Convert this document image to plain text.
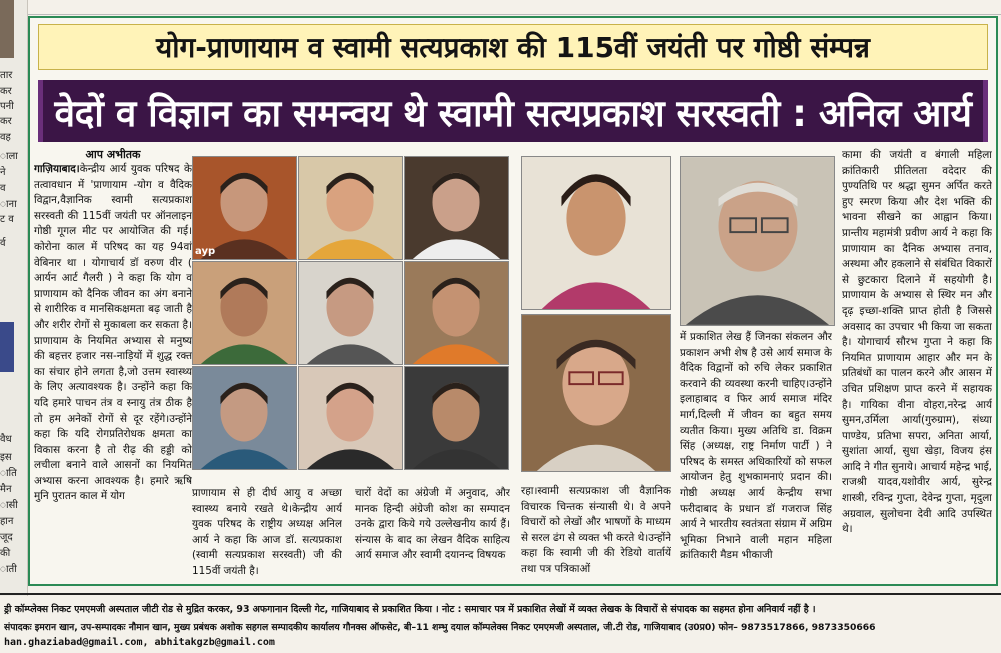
तार
कर
पनी
कर
वह
ाला
ने
व
ाना
ट व
र्व
वैध
इस
ाति
मैन
ासी
हान
जूद
की
ाती
योग-प्राणायाम व स्वामी सत्यप्रकाश की 115वीं जयंती पर गोष्ठी संम्पन्न
वेदों व विज्ञान का समन्वय थे स्वामी सत्यप्रकाश सरस्वती : अनिल आर्य
आप अभीतक

गाज़ियाबाद।केन्द्रीय आर्य युवक परिषद के तत्वावधान में 'प्राणायाम -योग व वैदिक विद्वान,वैज्ञानिक स्वामी सत्यप्रकाश सरस्वती की 115वीं जयंती पर ऑनलाइन गोष्ठी गूगल मीट पर आयोजित की गई।कोरोना काल में परिषद का यह 94वां वेबिनार था । योगाचार्य डॉ वरुण वीर ( आर्यन आर्ट गैलरी ) ने कहा कि योग व प्राणायाम को दैनिक जीवन का अंग बनाने से शारीरिक व मानसिकक्षमता बढ़ जाती है और शरीर रोगों से मुकाबला कर सकता है। प्राणायाम के नियमित अभ्यास से मनुष्य की बहत्तर हजार नस-नाड़ियों में शुद्ध रक्त का संचार होने लगता है,जो उत्तम स्वास्थ्य के लिए अत्यावश्यक है। उन्होंने कहा कि यदि हमारे पाचन तंत्र व स्नायु तंत्र ठीक है तो हम अनेकों रोगों से दूर रहेंगे।उन्होंने कहा कि यदि रोगप्रतिरोधक क्षमता का विकास करना है तो रीढ़ की हड्डी को लचीला बनाने वाले आसनों का नियमित अभ्यास करना आवश्यक है। हमारे ऋषि मुनि पुरातन काल में योग

ayp

प्राणायाम से ही दीर्घ आयु व अच्छा स्वास्थ्य बनाये रखते थे।केन्द्रीय आर्य युवक परिषद के राष्ट्रीय अध्यक्ष अनिल आर्य ने कहा कि आज डॉ. सत्यप्रकाश (स्वामी सत्यप्रकाश सरस्वती) जी की 115वीं जयंती है।

चारों वेदों का अंग्रेजी में अनुवाद, और मानक हिन्दी अंग्रेजी कोश का सम्पादन उनके द्वारा किये गये उल्लेखनीय कार्य हैं।संन्यास के बाद का लेखन वैदिक साहित्य आर्य समाज और स्वामी दयानन्द विषयक

रहा।स्वामी सत्यप्रकाश जी वैज्ञानिक विचारक चिन्तक संन्यासी थे। वे अपने विचारों को लेखों और भाषणों के माध्यम से सरल ढंग से व्यक्त भी करते थे।उन्होंने कहा कि स्वामी जी की रेडियो वार्तायें तथा पत्र पत्रिकाओं

में प्रकाशित लेख हैं जिनका संकलन और प्रकाशन अभी शेष है उसे आर्य समाज के वैदिक विद्वानों को रुचि लेकर प्रकाशित करवाने की व्यवस्था करनी चाहिए।उन्होंने इलाहाबाद व फिर आर्य समाज मंदिर मार्ग,दिल्ली में जीवन का बहुत समय व्यतीत किया। मुख्य अतिथि डा. विक्रम सिंह (अध्यक्ष, राष्ट्र निर्माण पार्टी ) ने परिषद के समस्त अधिकारियों को सफल आयोजन हेतु शुभकामनाएं प्रदान की। गोष्ठी अध्यक्ष आर्य केन्द्रीय सभा फरीदाबाद के प्रधान डॉ गजराज सिंह आर्य ने भारतीय स्वतंत्रता संग्राम में अग्रिम भूमिका निभाने वाली महान महिला क्रांतिकारी मैडम भीकाजी

कामा की जयंती व बंगाली महिला क्रांतिकारी प्रीतिलता वदेदार की पुण्यतिथि पर श्रद्धा सुमन अर्पित करते हुए स्मरण किया और देश भक्ति की भावना सीखने का आह्वान किया। प्रान्तीय महामंत्री प्रवीण आर्य ने कहा कि प्राणायाम का दैनिक अभ्यास तनाव, अस्थमा और हकलाने से संबंधित विकारों से छुटकारा दिलाने में सहयोगी है। प्राणायाम के अभ्यास से स्थिर मन और दृढ़ इच्छा-शक्ति प्राप्त होती है जिससे अवसाद का उपचार भी किया जा सकता है। योगाचार्य सौरभ गुप्ता ने कहा कि नियमित प्राणायाम आहार और मन के प्रतिबंधों का पालन करने और आसन में उचित प्रशिक्षण प्राप्त करने में सहायक है। गायिका वीना वोहरा,नरेन्द्र आर्य सुमन,उर्मिला आर्या(गुरुग्राम), संध्या पाण्डेय, प्रतिभा सपरा, अनिता आर्या, सुशांता आर्या, सुधा खेड़ा, विजय हंस आदि ने गीत सुनाये। आचार्य महेन्द्र भाई, राजश्री यादव,यशोवीर आर्य, सुरेन्द्र शास्त्री, रविन्द्र गुप्ता, देवेन्द्र गुप्ता, मृदुला अग्रवाल, सुलोचना देवी आदि उपस्थित थे।

ड्री कॉम्प्लेक्स निकट एमएमजी अस्पताल जीटी रोड से मुद्रित करकर, 93 अफगानान दिल्ली गेट, गाजियाबाद से प्रकाशित किया । नोट : समाचार पत्र में प्रकाशित लेखों में व्यक्त लेखक के विचारों से संपादक का सहमत होना अनिवार्य नहीं है ।
संपादकः इमरान खान, उप-सम्पादकः नौमान खान, मुख्य प्रबंधक अशोक सहगल सम्पादकीय कार्यालय गौनक्स ऑफसेट, बी–11 शम्भु दयाल कॉम्पलेक्स निकट एमएमजी अस्पताल, जी.टी रोड, गाजियाबाद (उ0प्र0) फोन– 9873517866, 9873350666
han.ghaziabad@gmail.com, abhitakgzb@gmail.com
